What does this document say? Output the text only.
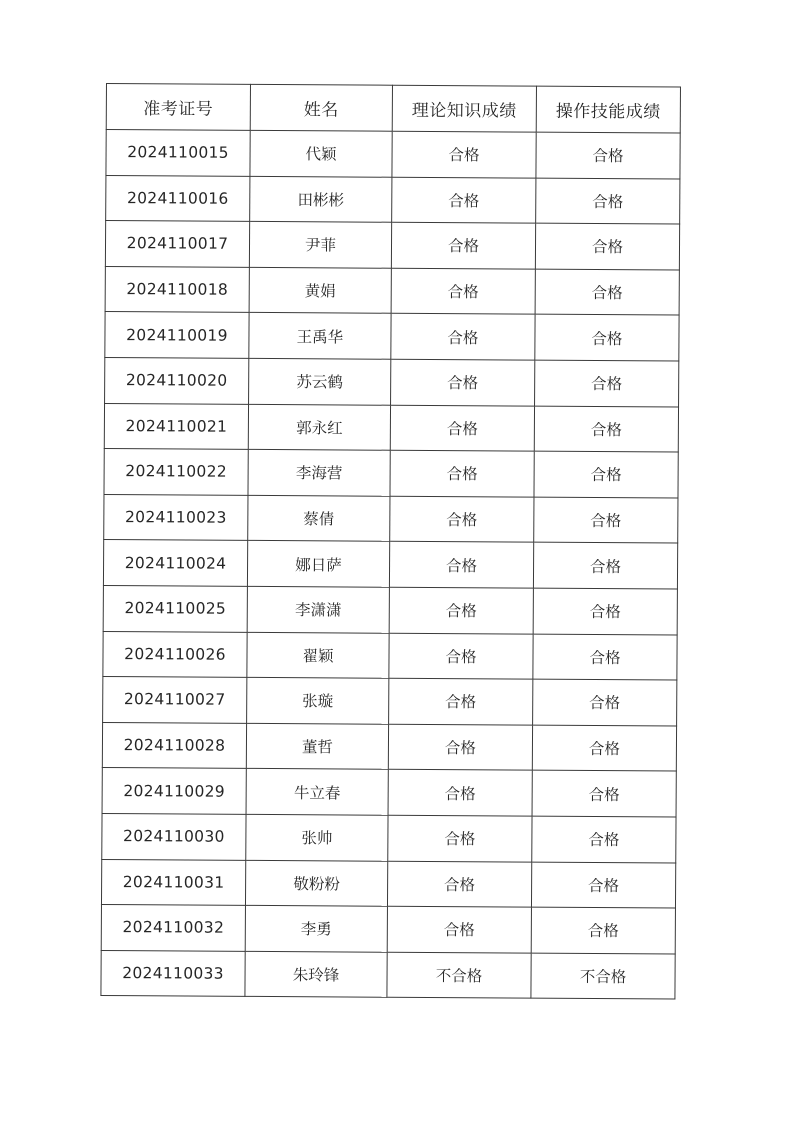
准考证号	姓名	理论知识成绩	操作技能成绩
2024110015	代颖	合格	合格
2024110016	田彬彬	合格	合格
2024110017	尹菲	合格	合格
2024110018	黄娟	合格	合格
2024110019	王禹华	合格	合格
2024110020	苏云鹤	合格	合格
2024110021	郭永红	合格	合格
2024110022	李海营	合格	合格
2024110023	蔡倩	合格	合格
2024110024	娜日萨	合格	合格
2024110025	李潇潇	合格	合格
2024110026	翟颖	合格	合格
2024110027	张璇	合格	合格
2024110028	董哲	合格	合格
2024110029	牛立春	合格	合格
2024110030	张帅	合格	合格
2024110031	敬粉粉	合格	合格
2024110032	李勇	合格	合格
2024110033	朱玲锋	不合格	不合格
